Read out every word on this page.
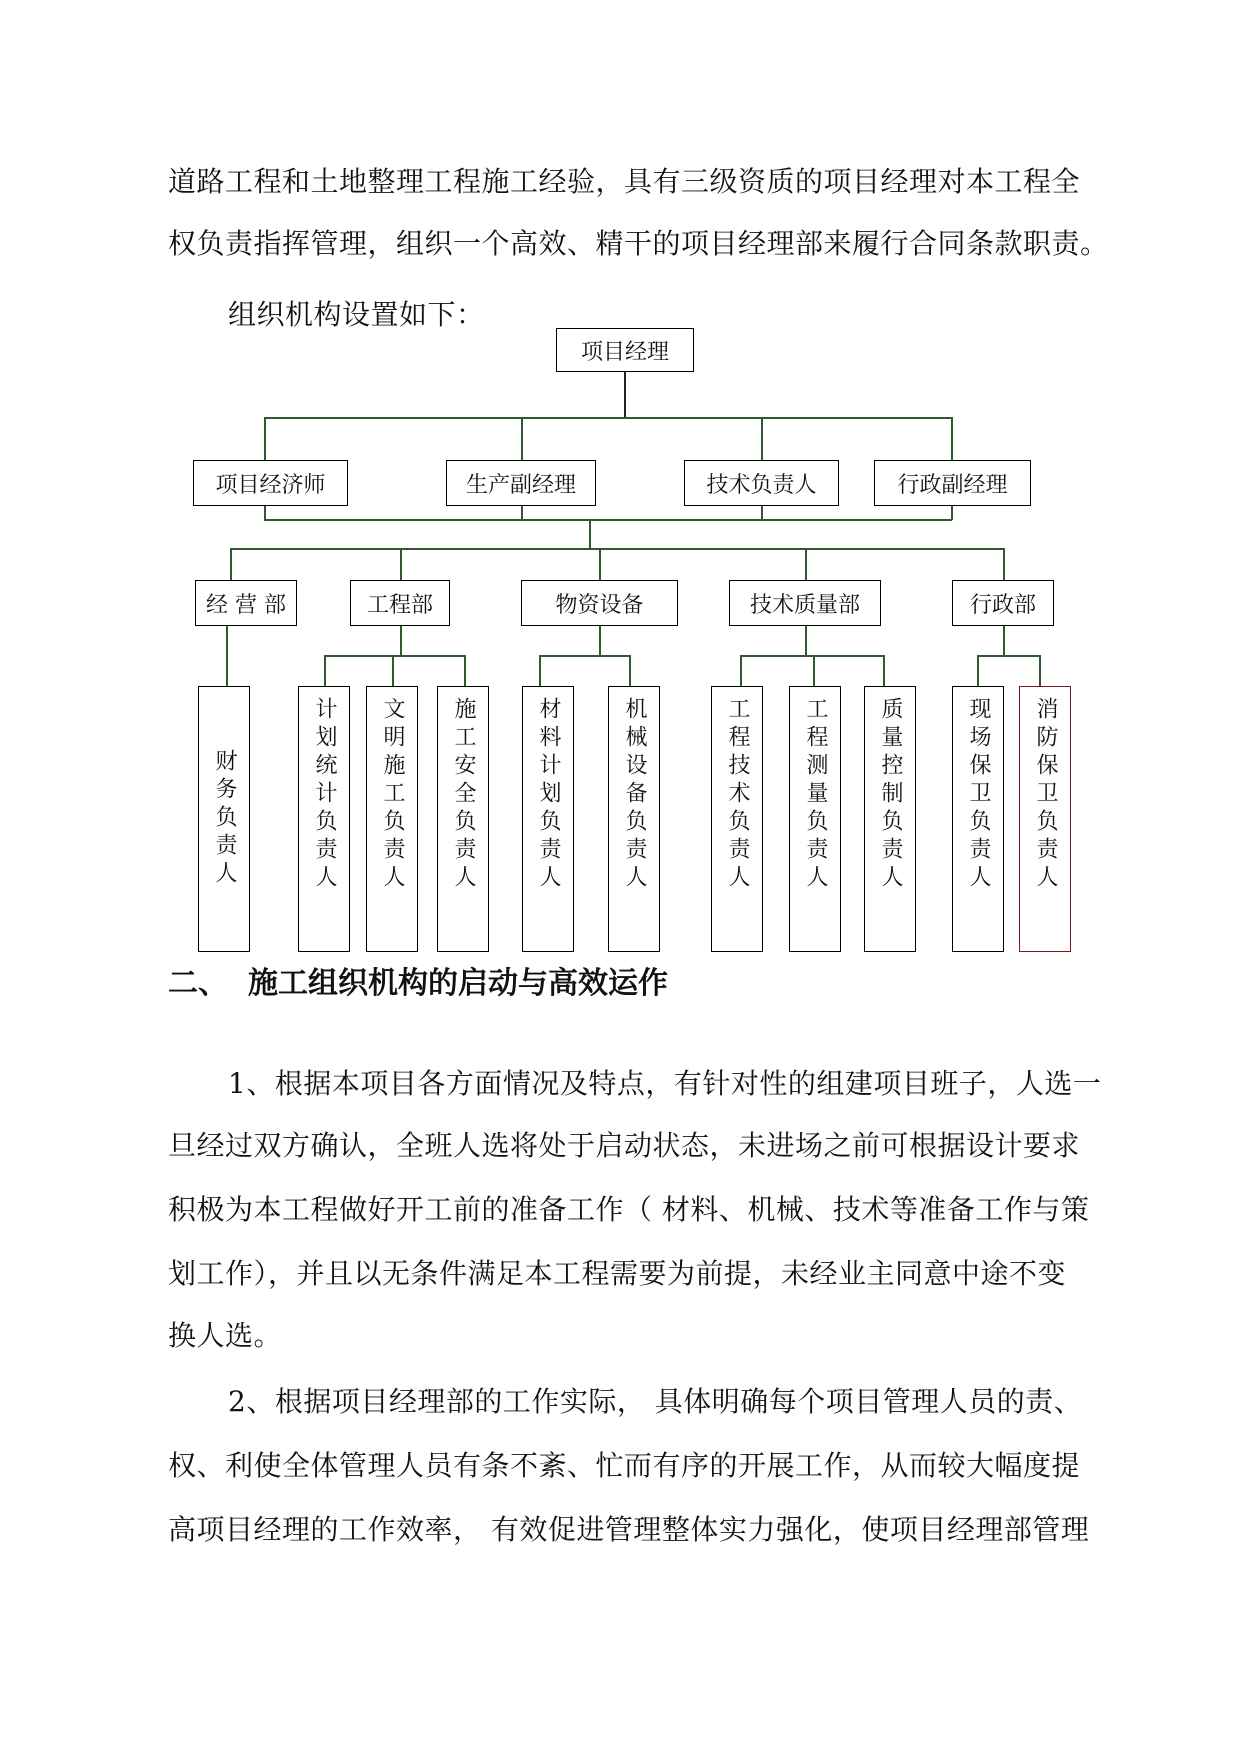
道路工程和土地整理工程施工经验，具有三级资质的项目经理对本工程全
权负责指挥管理，组织一个高效、精干的项目经理部来履行合同条款职责。
组织机构设置如下：
项目经理
项目经济师	生产副经理	技术负责人	行政副经理
经 营 部	工程部	物资设备	技术质量部	行政部
财务负责人	计划统计负责人 文明施工负责人 施工安全负责人	材料计划负责人	机械设备负责人	工程技术负责人 工程测量负责人 质量控制负责人	现场保卫负责人 消防保卫负责人
二、 施工组织机构的启动与高效运作
1、根据本项目各方面情况及特点，有针对性的组建项目班子，人选一
旦经过双方确认，全班人选将处于启动状态，未进场之前可根据设计要求
积极为本工程做好开工前的准备工作（ 材料、机械、技术等准备工作与策
划工作），并且以无条件满足本工程需要为前提，未经业主同意中途不变
换人选。
2、根据项目经理部的工作实际， 具体明确每个项目管理人员的责、
权、利使全体管理人员有条不紊、忙而有序的开展工作，从而较大幅度提
高项目经理的工作效率， 有效促进管理整体实力强化，使项目经理部管理
